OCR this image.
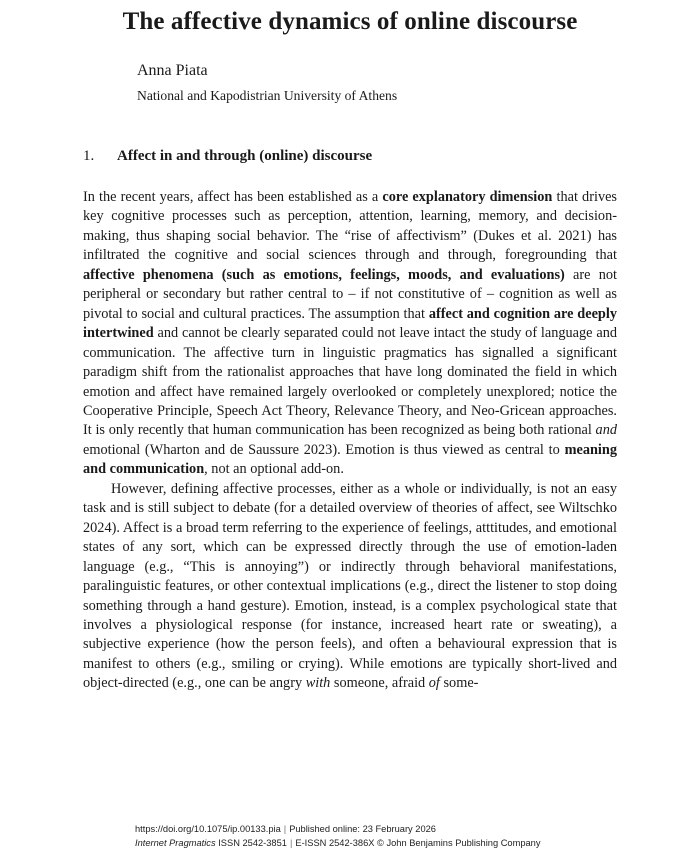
The affective dynamics of online discourse
Anna Piata
National and Kapodistrian University of Athens
1. Affect in and through (online) discourse

In the recent years, affect has been established as a core explanatory dimension that drives key cognitive processes such as perception, attention, learning, memory, and decision-making, thus shaping social behavior. The “rise of affectivism” (Dukes et al. 2021) has infiltrated the cognitive and social sciences through and through, foregrounding that affective phenomena (such as emotions, feelings, moods, and evaluations) are not peripheral or secondary but rather central to – if not constitutive of – cognition as well as pivotal to social and cultural practices. The assumption that affect and cognition are deeply intertwined and cannot be clearly separated could not leave intact the study of language and communication. The affective turn in linguistic pragmatics has signalled a significant paradigm shift from the rationalist approaches that have long dominated the field in which emotion and affect have remained largely overlooked or completely unexplored; notice the Cooperative Principle, Speech Act Theory, Relevance Theory, and Neo-Gricean approaches. It is only recently that human communication has been recognized as being both rational and emotional (Wharton and de Saussure 2023). Emotion is thus viewed as central to meaning and communication, not an optional add-on.

However, defining affective processes, either as a whole or individually, is not an easy task and is still subject to debate (for a detailed overview of theories of affect, see Wiltschko 2024). Affect is a broad term referring to the experience of feelings, atttitudes, and emotional states of any sort, which can be expressed directly through the use of emotion-laden language (e.g., “This is annoying”) or indirectly through behavioral manifestations, paralinguistic features, or other contextual implications (e.g., direct the listener to stop doing something through a hand gesture). Emotion, instead, is a complex psychological state that involves a physiological response (for instance, increased heart rate or sweating), a subjective experience (how the person feels), and often a behavioural expression that is manifest to others (e.g., smiling or crying). While emotions are typically short-lived and object-directed (e.g., one can be angry with someone, afraid of some-

https://doi.org/10.1075/ip.00133.pia | Published online: 23 February 2026
Internet Pragmatics ISSN 2542-3851 | E-ISSN 2542-386X © John Benjamins Publishing Company
